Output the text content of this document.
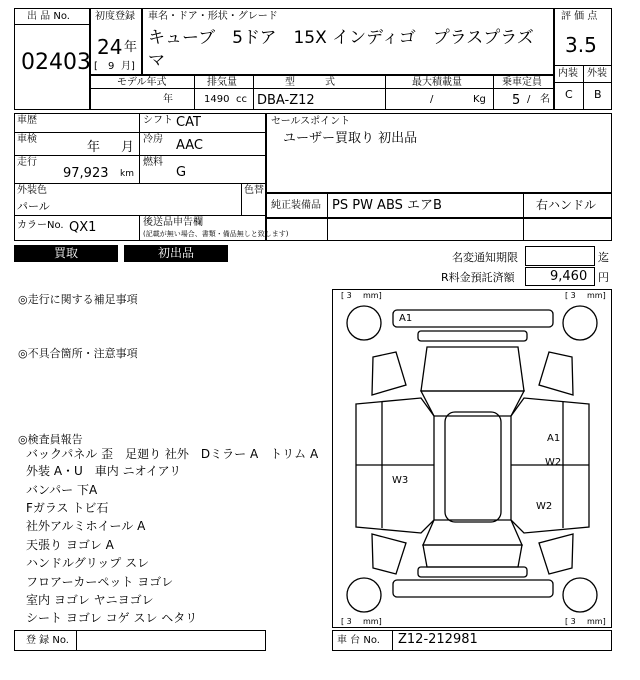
出 品 No.
02403
初度登録
24 年
[ 9 月]
車名・ドア・形状・グレード
キューブ　5ドア　15X インディゴ　プラスプラズ
マ
評 価 点
3.5
内装 外装
C B
モデル年式
年
排気量
1490 cc
型　　　式
DBA-Z12
最大積載量
/	Kg
乗車定員
5 / 名
車歴	シフト CAT
車検
年 月
冷房 AAC
走行
97,923 km
燃料
G
外装色
パール
色替
カラーNo. QX1	後送品申告欄
(記載が無い場合、書類・備品無しと致します)
セールスポイント
ユーザー買取り 初出品
純正装備品 PS PW ABS エアB	右ハンドル
買取	初出品	名変通知期限	迄
R料金預託済額	9,460 円
◎走行に関する補足事項
◎不具合箇所・注意事項
◎検査員報告
バックパネル 歪　足廻り 社外　Dミラー A　トリム A
外装 A・U　車内 ニオイアリ
バンパー 下A
Fガラス トビ石
社外アルミホイール A
天張り ヨゴレ A
ハンドルグリップ スレ
フロアーカーペット ヨゴレ
室内 ヨゴレ ヤニヨゴレ
シート ヨゴレ コゲ スレ ヘタリ
[ 3 mm]	[ 3 mm]
[ 3 mm]	[ 3 mm]
A1
A1
W2
W2
W3
登 録 No.	車 台 No. Z12-212981
